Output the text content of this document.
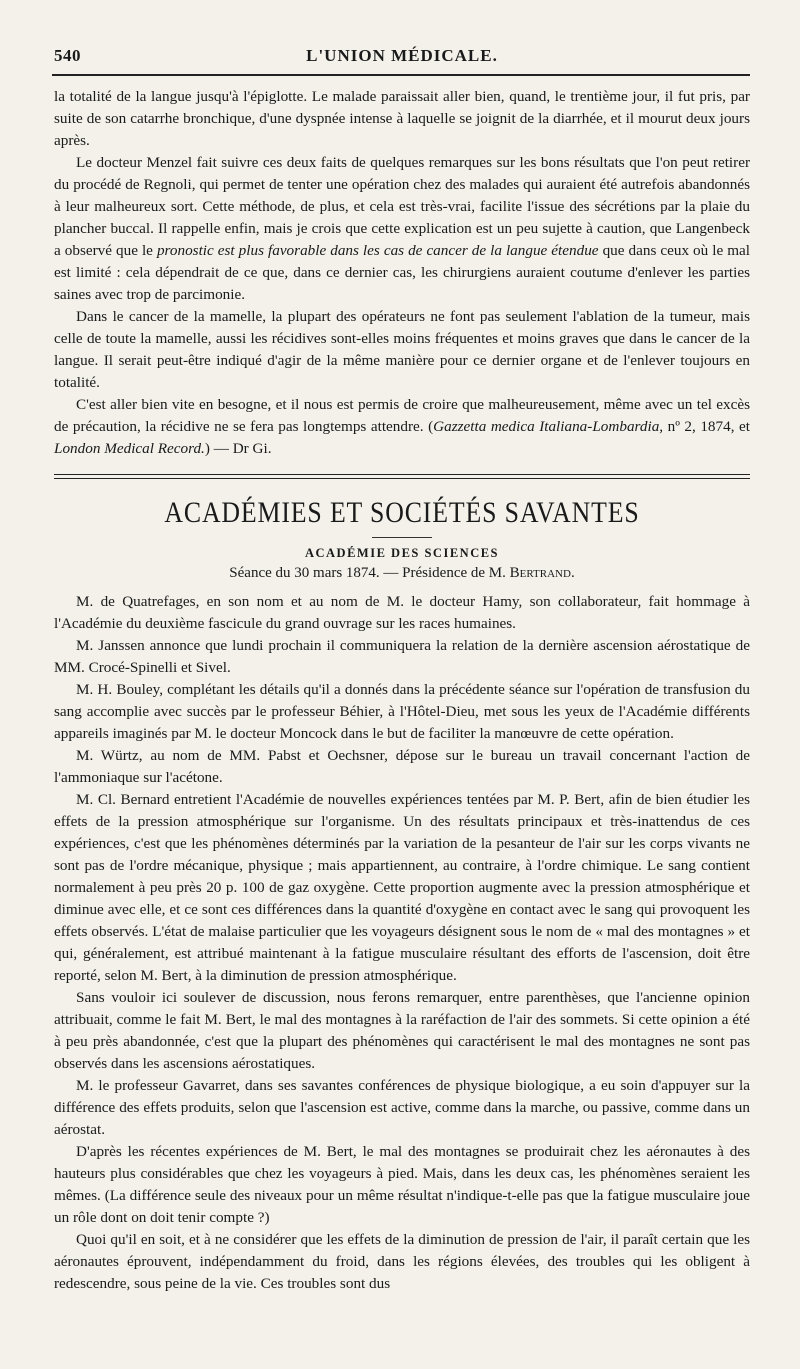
L'UNION MÉDICALE.
540

la totalité de la langue jusqu'à l'épiglotte. Le malade paraissait aller bien, quand, le trentième jour, il fut pris, par suite de son catarrhe bronchique, d'une dyspnée intense à laquelle se joignit de la diarrhée, et il mourut deux jours après.

Le docteur Menzel fait suivre ces deux faits de quelques remarques sur les bons résultats que l'on peut retirer du procédé de Regnoli, qui permet de tenter une opération chez des malades qui auraient été autrefois abandonnés à leur malheureux sort. Cette méthode, de plus, et cela est très-vrai, facilite l'issue des sécrétions par la plaie du plancher buccal. Il rappelle enfin, mais je crois que cette explication est un peu sujette à caution, que Langenbeck a observé que le pronostic est plus favorable dans les cas de cancer de la langue étendue que dans ceux où le mal est limité : cela dépendrait de ce que, dans ce dernier cas, les chirurgiens auraient coutume d'enlever les parties saines avec trop de parcimonie.

Dans le cancer de la mamelle, la plupart des opérateurs ne font pas seulement l'ablation de la tumeur, mais celle de toute la mamelle, aussi les récidives sont-elles moins fréquentes et moins graves que dans le cancer de la langue. Il serait peut-être indiqué d'agir de la même manière pour ce dernier organe et de l'enlever toujours en totalité.

C'est aller bien vite en besogne, et il nous est permis de croire que malheureusement, même avec un tel excès de précaution, la récidive ne se fera pas longtemps attendre. (Gazzetta medica Italiana-Lombardia, nº 2, 1874, et London Medical Record.) — Dr Gi.

ACADÉMIES ET SOCIÉTÉS SAVANTES
ACADÉMIE DES SCIENCES
Séance du 30 mars 1874. — Présidence de M. Bertrand.

M. de Quatrefages, en son nom et au nom de M. le docteur Hamy, son collaborateur, fait hommage à l'Académie du deuxième fascicule du grand ouvrage sur les races humaines.

M. Janssen annonce que lundi prochain il communiquera la relation de la dernière ascension aérostatique de MM. Crocé-Spinelli et Sivel.

M. H. Bouley, complétant les détails qu'il a donnés dans la précédente séance sur l'opération de transfusion du sang accomplie avec succès par le professeur Béhier, à l'Hôtel-Dieu, met sous les yeux de l'Académie différents appareils imaginés par M. le docteur Moncock dans le but de faciliter la manœuvre de cette opération.

M. Würtz, au nom de MM. Pabst et Oechsner, dépose sur le bureau un travail concernant l'action de l'ammoniaque sur l'acétone.

M. Cl. Bernard entretient l'Académie de nouvelles expériences tentées par M. P. Bert, afin de bien étudier les effets de la pression atmosphérique sur l'organisme. Un des résultats principaux et très-inattendus de ces expériences, c'est que les phénomènes déterminés par la variation de la pesanteur de l'air sur les corps vivants ne sont pas de l'ordre mécanique, physique ; mais appartiennent, au contraire, à l'ordre chimique. Le sang contient normalement à peu près 20 p. 100 de gaz oxygène. Cette proportion augmente avec la pression atmosphérique et diminue avec elle, et ce sont ces différences dans la quantité d'oxygène en contact avec le sang qui provoquent les effets observés. L'état de malaise particulier que les voyageurs désignent sous le nom de « mal des montagnes » et qui, généralement, est attribué maintenant à la fatigue musculaire résultant des efforts de l'ascension, doit être reporté, selon M. Bert, à la diminution de pression atmosphérique.

Sans vouloir ici soulever de discussion, nous ferons remarquer, entre parenthèses, que l'ancienne opinion attribuait, comme le fait M. Bert, le mal des montagnes à la raréfaction de l'air des sommets. Si cette opinion a été à peu près abandonnée, c'est que la plupart des phénomènes qui caractérisent le mal des montagnes ne sont pas observés dans les ascensions aérostatiques.

M. le professeur Gavarret, dans ses savantes conférences de physique biologique, a eu soin d'appuyer sur la différence des effets produits, selon que l'ascension est active, comme dans la marche, ou passive, comme dans un aérostat.

D'après les récentes expériences de M. Bert, le mal des montagnes se produirait chez les aéronautes à des hauteurs plus considérables que chez les voyageurs à pied. Mais, dans les deux cas, les phénomènes seraient les mêmes. (La différence seule des niveaux pour un même résultat n'indique-t-elle pas que la fatigue musculaire joue un rôle dont on doit tenir compte ?)

Quoi qu'il en soit, et à ne considérer que les effets de la diminution de pression de l'air, il paraît certain que les aéronautes éprouvent, indépendamment du froid, dans les régions élevées, des troubles qui les obligent à redescendre, sous peine de la vie. Ces troubles sont dus
